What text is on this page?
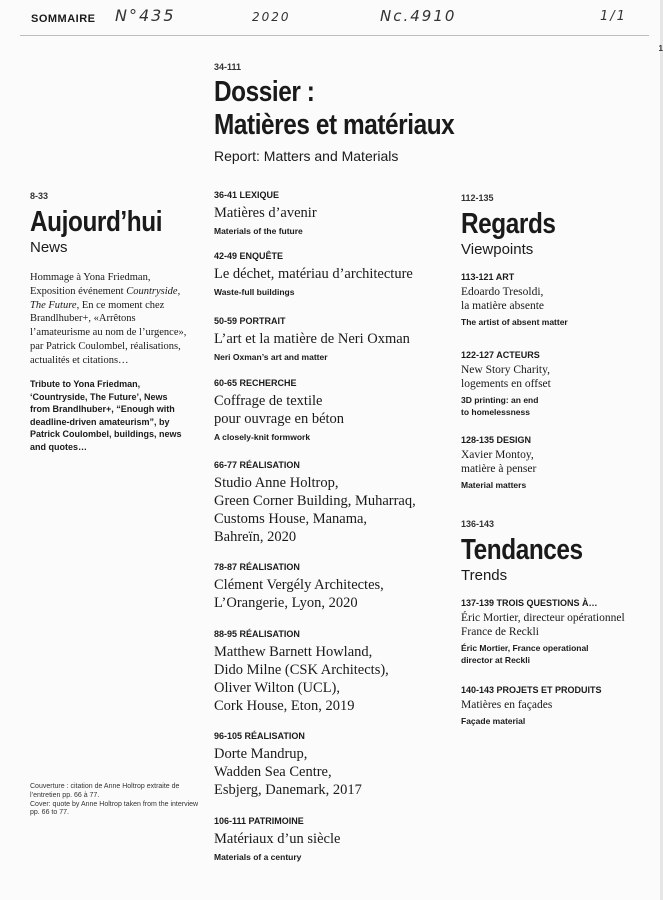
SOMMAIRE N°435	2020	Nc.4910	1/1
1
34-111
Dossier :
Matières et matériaux
Report: Matters and Materials
8-33
Aujourd’hui
News
Hommage à Yona Friedman, Exposition événement Countryside, The Future, En ce moment chez Brandlhuber+, «Arrêtons l’amateurisme au nom de l’urgence», par Patrick Coulombel, réalisations, actualités et citations…
Tribute to Yona Friedman, ‘Countryside, The Future’, News from Brandlhuber+, “Enough with deadline-driven amateurism”, by Patrick Coulombel, buildings, news and quotes…
Couverture : citation de Anne Holtrop extraite de l’entretien pp. 66 à 77.
Cover: quote by Anne Holtrop taken from the interview pp. 66 to 77.
36-41 LEXIQUE
Matières d’avenir
Materials of the future
42-49 ENQUÊTE
Le déchet, matériau d’architecture
Waste-full buildings
50-59 PORTRAIT
L’art et la matière de Neri Oxman
Neri Oxman’s art and matter
60-65 RECHERCHE
Coffrage de textile
pour ouvrage en béton
A closely-knit formwork
66-77 RÉALISATION
Studio Anne Holtrop,
Green Corner Building, Muharraq,
Customs House, Manama,
Bahreïn, 2020
78-87 RÉALISATION
Clément Vergély Architectes,
L’Orangerie, Lyon, 2020
88-95 RÉALISATION
Matthew Barnett Howland,
Dido Milne (CSK Architects),
Oliver Wilton (UCL),
Cork House, Eton, 2019
96-105 RÉALISATION
Dorte Mandrup,
Wadden Sea Centre,
Esbjerg, Danemark, 2017
106-111 PATRIMOINE
Matériaux d’un siècle
Materials of a century
112-135
Regards
Viewpoints
113-121 ART
Edoardo Tresoldi,
la matière absente
The artist of absent matter
122-127 ACTEURS
New Story Charity,
logements en offset
3D printing: an end
to homelessness
128-135 DESIGN
Xavier Montoy,
matière à penser
Material matters
136-143
Tendances
Trends
137-139 TROIS QUESTIONS À…
Éric Mortier, directeur opérationnel
France de Reckli
Éric Mortier, France operational
director at Reckli
140-143 PROJETS ET PRODUITS
Matières en façades
Façade material
